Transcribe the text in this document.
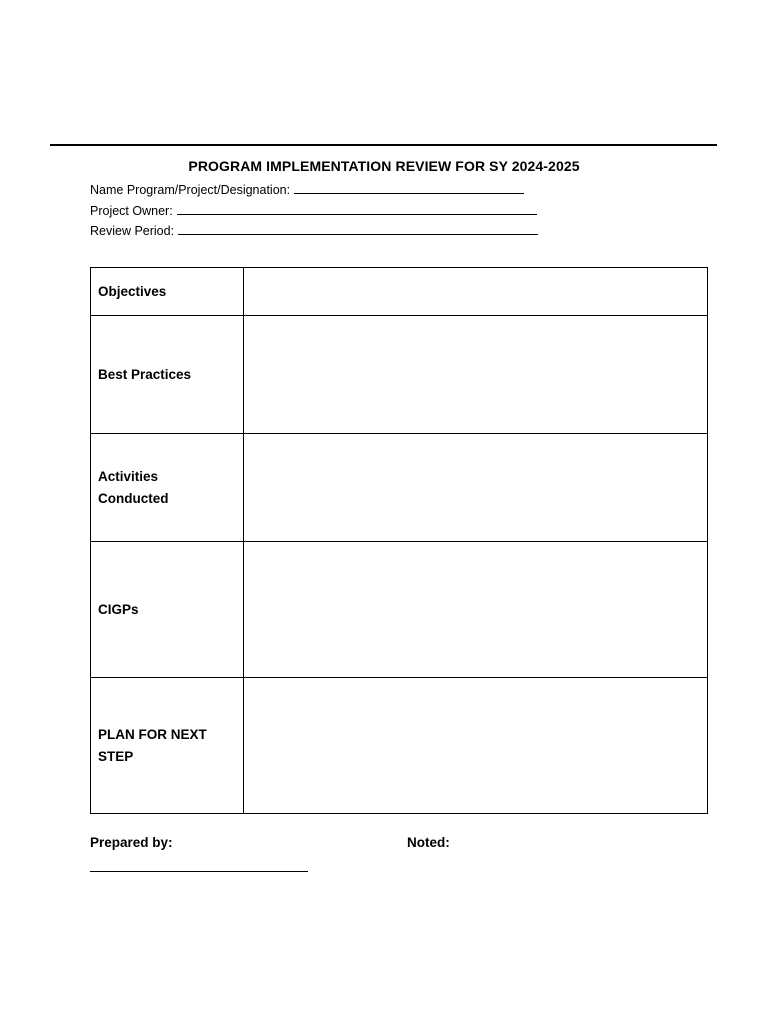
PROGRAM IMPLEMENTATION REVIEW FOR SY 2024-2025
Name Program/Project/Designation:
Project Owner:
Review Period:
Objectives	
Best Practices	

Activities Conducted	

CIGPs	

PLAN FOR NEXT STEP	

Prepared by:	Noted:
